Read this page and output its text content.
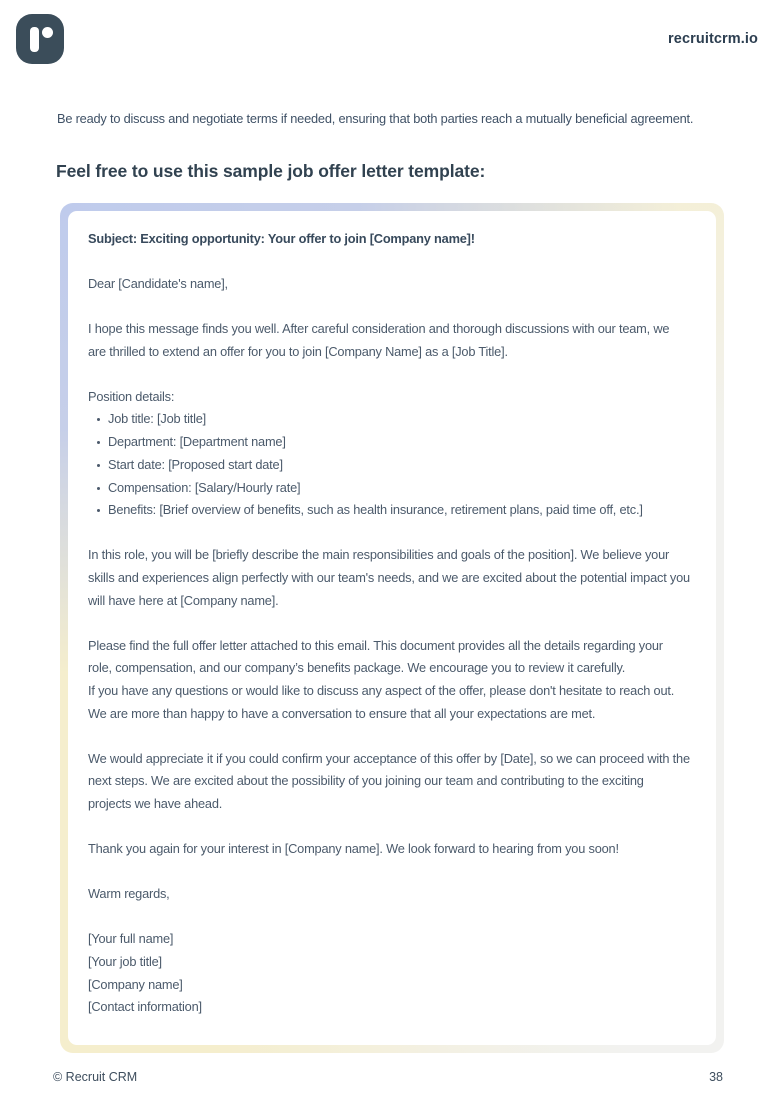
recruitcrm.io
Be ready to discuss and negotiate terms if needed, ensuring that both parties reach a mutually beneficial agreement.
Feel free to use this sample job offer letter template:

Subject: Exciting opportunity: Your offer to join [Company name]!

Dear [Candidate's name],

I hope this message finds you well. After careful consideration and thorough discussions with our team, we are thrilled to extend an offer for you to join [Company Name] as a [Job Title].

Position details:

Job title: [Job title]
Department: [Department name]
Start date: [Proposed start date]
Compensation: [Salary/Hourly rate]
Benefits: [Brief overview of benefits, such as health insurance, retirement plans, paid time off, etc.]

In this role, you will be [briefly describe the main responsibilities and goals of the position]. We believe your skills and experiences align perfectly with our team's needs, and we are excited about the potential impact you will have here at [Company name].

Please find the full offer letter attached to this email. This document provides all the details regarding your role, compensation, and our company’s benefits package. We encourage you to review it carefully.

If you have any questions or would like to discuss any aspect of the offer, please don't hesitate to reach out. We are more than happy to have a conversation to ensure that all your expectations are met.

We would appreciate it if you could confirm your acceptance of this offer by [Date], so we can proceed with the next steps. We are excited about the possibility of you joining our team and contributing to the exciting projects we have ahead.

Thank you again for your interest in [Company name]. We look forward to hearing from you soon!

Warm regards,

[Your full name]

[Your job title]

[Company name]

[Contact information]

© Recruit CRM	38
